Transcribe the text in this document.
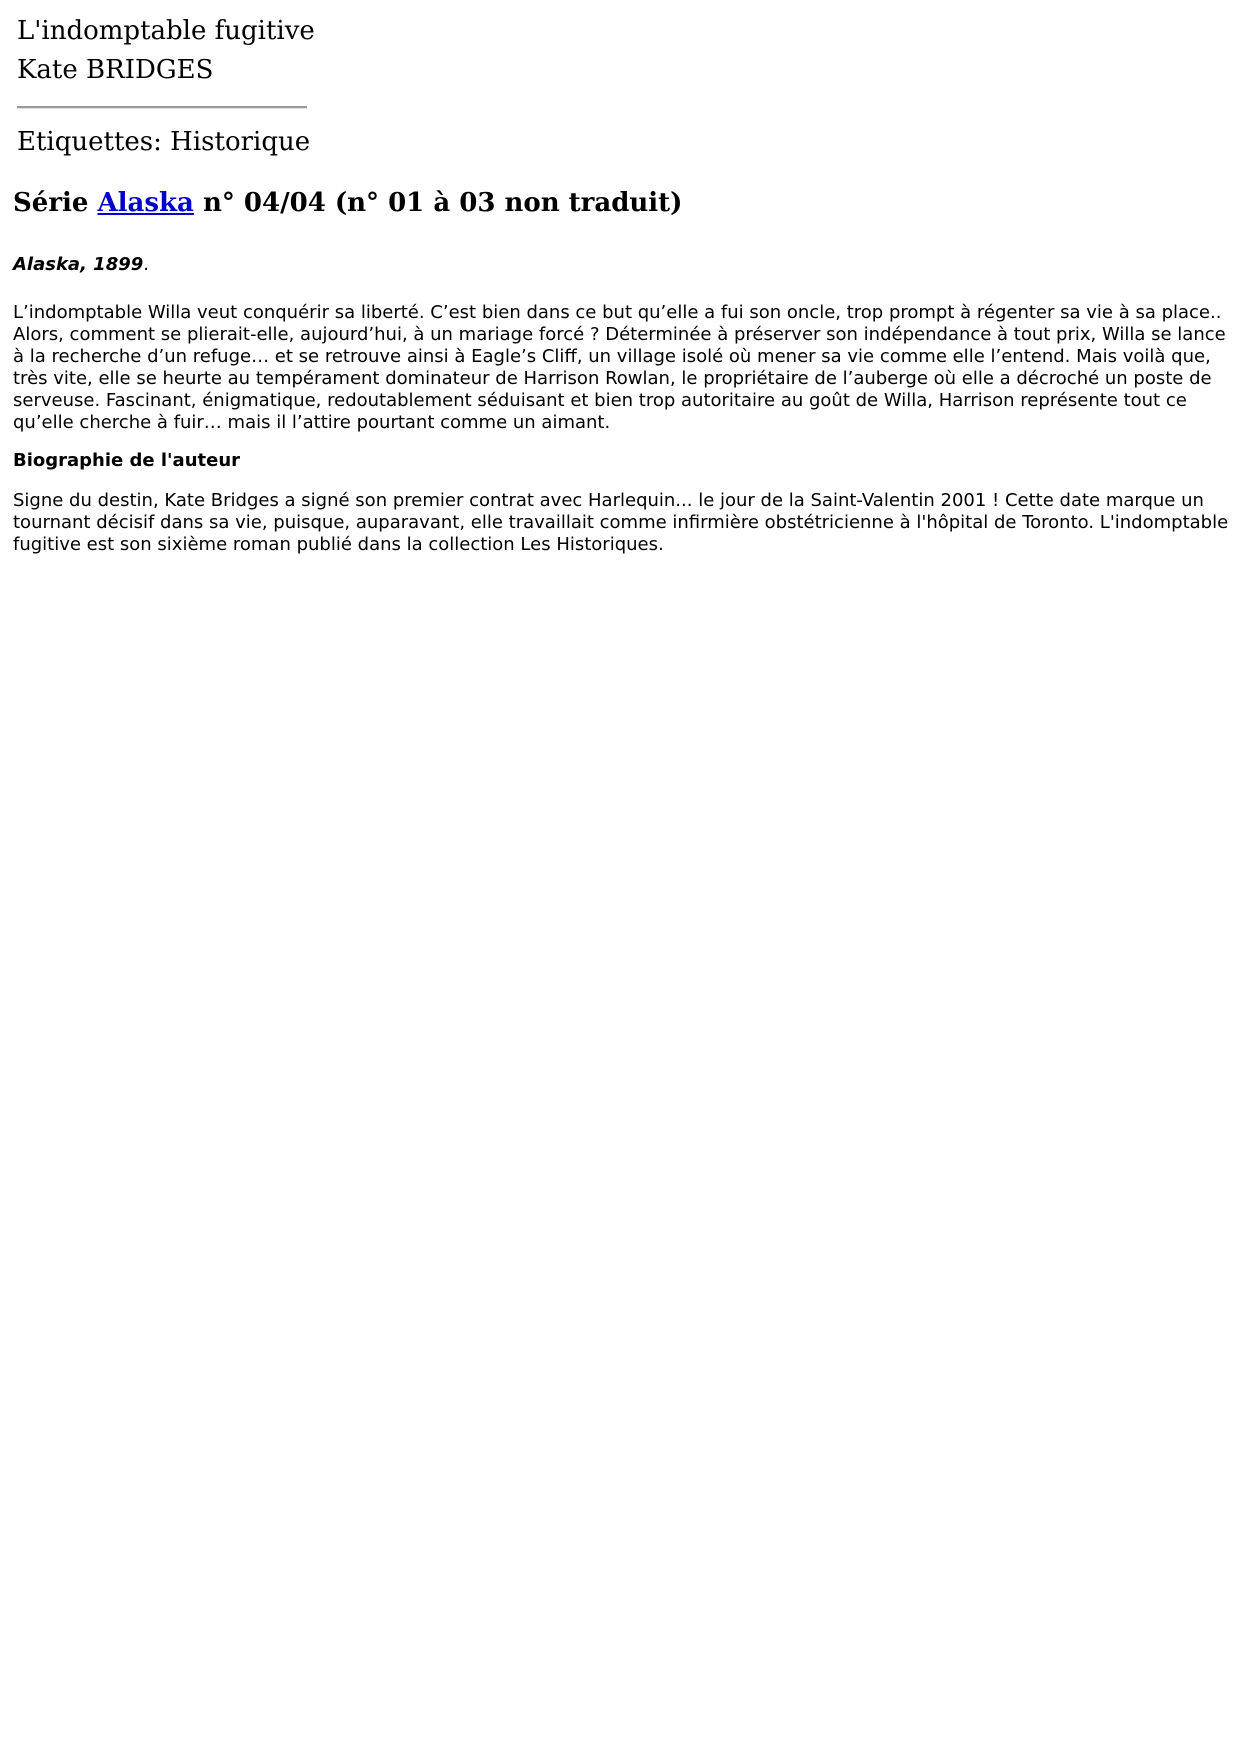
L'indomptable fugitive
Kate BRIDGES
Etiquettes: Historique
Série Alaska n° 04/04 (n° 01 à 03 non traduit)

Alaska, 1899.

L’indomptable Willa veut conquérir sa liberté. C’est bien dans ce but qu’elle a fui son oncle, trop prompt à régenter sa vie à sa place.. Alors, comment se plierait-elle, aujourd’hui, à un mariage forcé ? Déterminée à préserver son indépendance à tout prix, Willa se lance à la recherche d’un refuge… et se retrouve ainsi à Eagle’s Cliff, un village isolé où mener sa vie comme elle l’entend. Mais voilà que, très vite, elle se heurte au tempérament dominateur de Harrison Rowlan, le propriétaire de l’auberge où elle a décroché un poste de serveuse. Fascinant, énigmatique, redoutablement séduisant et bien trop autoritaire au goût de Willa, Harrison représente tout ce qu’elle cherche à fuir… mais il l’attire pourtant comme un aimant.

Biographie de l'auteur

Signe du destin, Kate Bridges a signé son premier contrat avec Harlequin... le jour de la Saint-Valentin 2001 ! Cette date marque un tournant décisif dans sa vie, puisque, auparavant, elle travaillait comme infirmière obstétricienne à l'hôpital de Toronto. L'indomptable fugitive est son sixième roman publié dans la collection Les Historiques.
